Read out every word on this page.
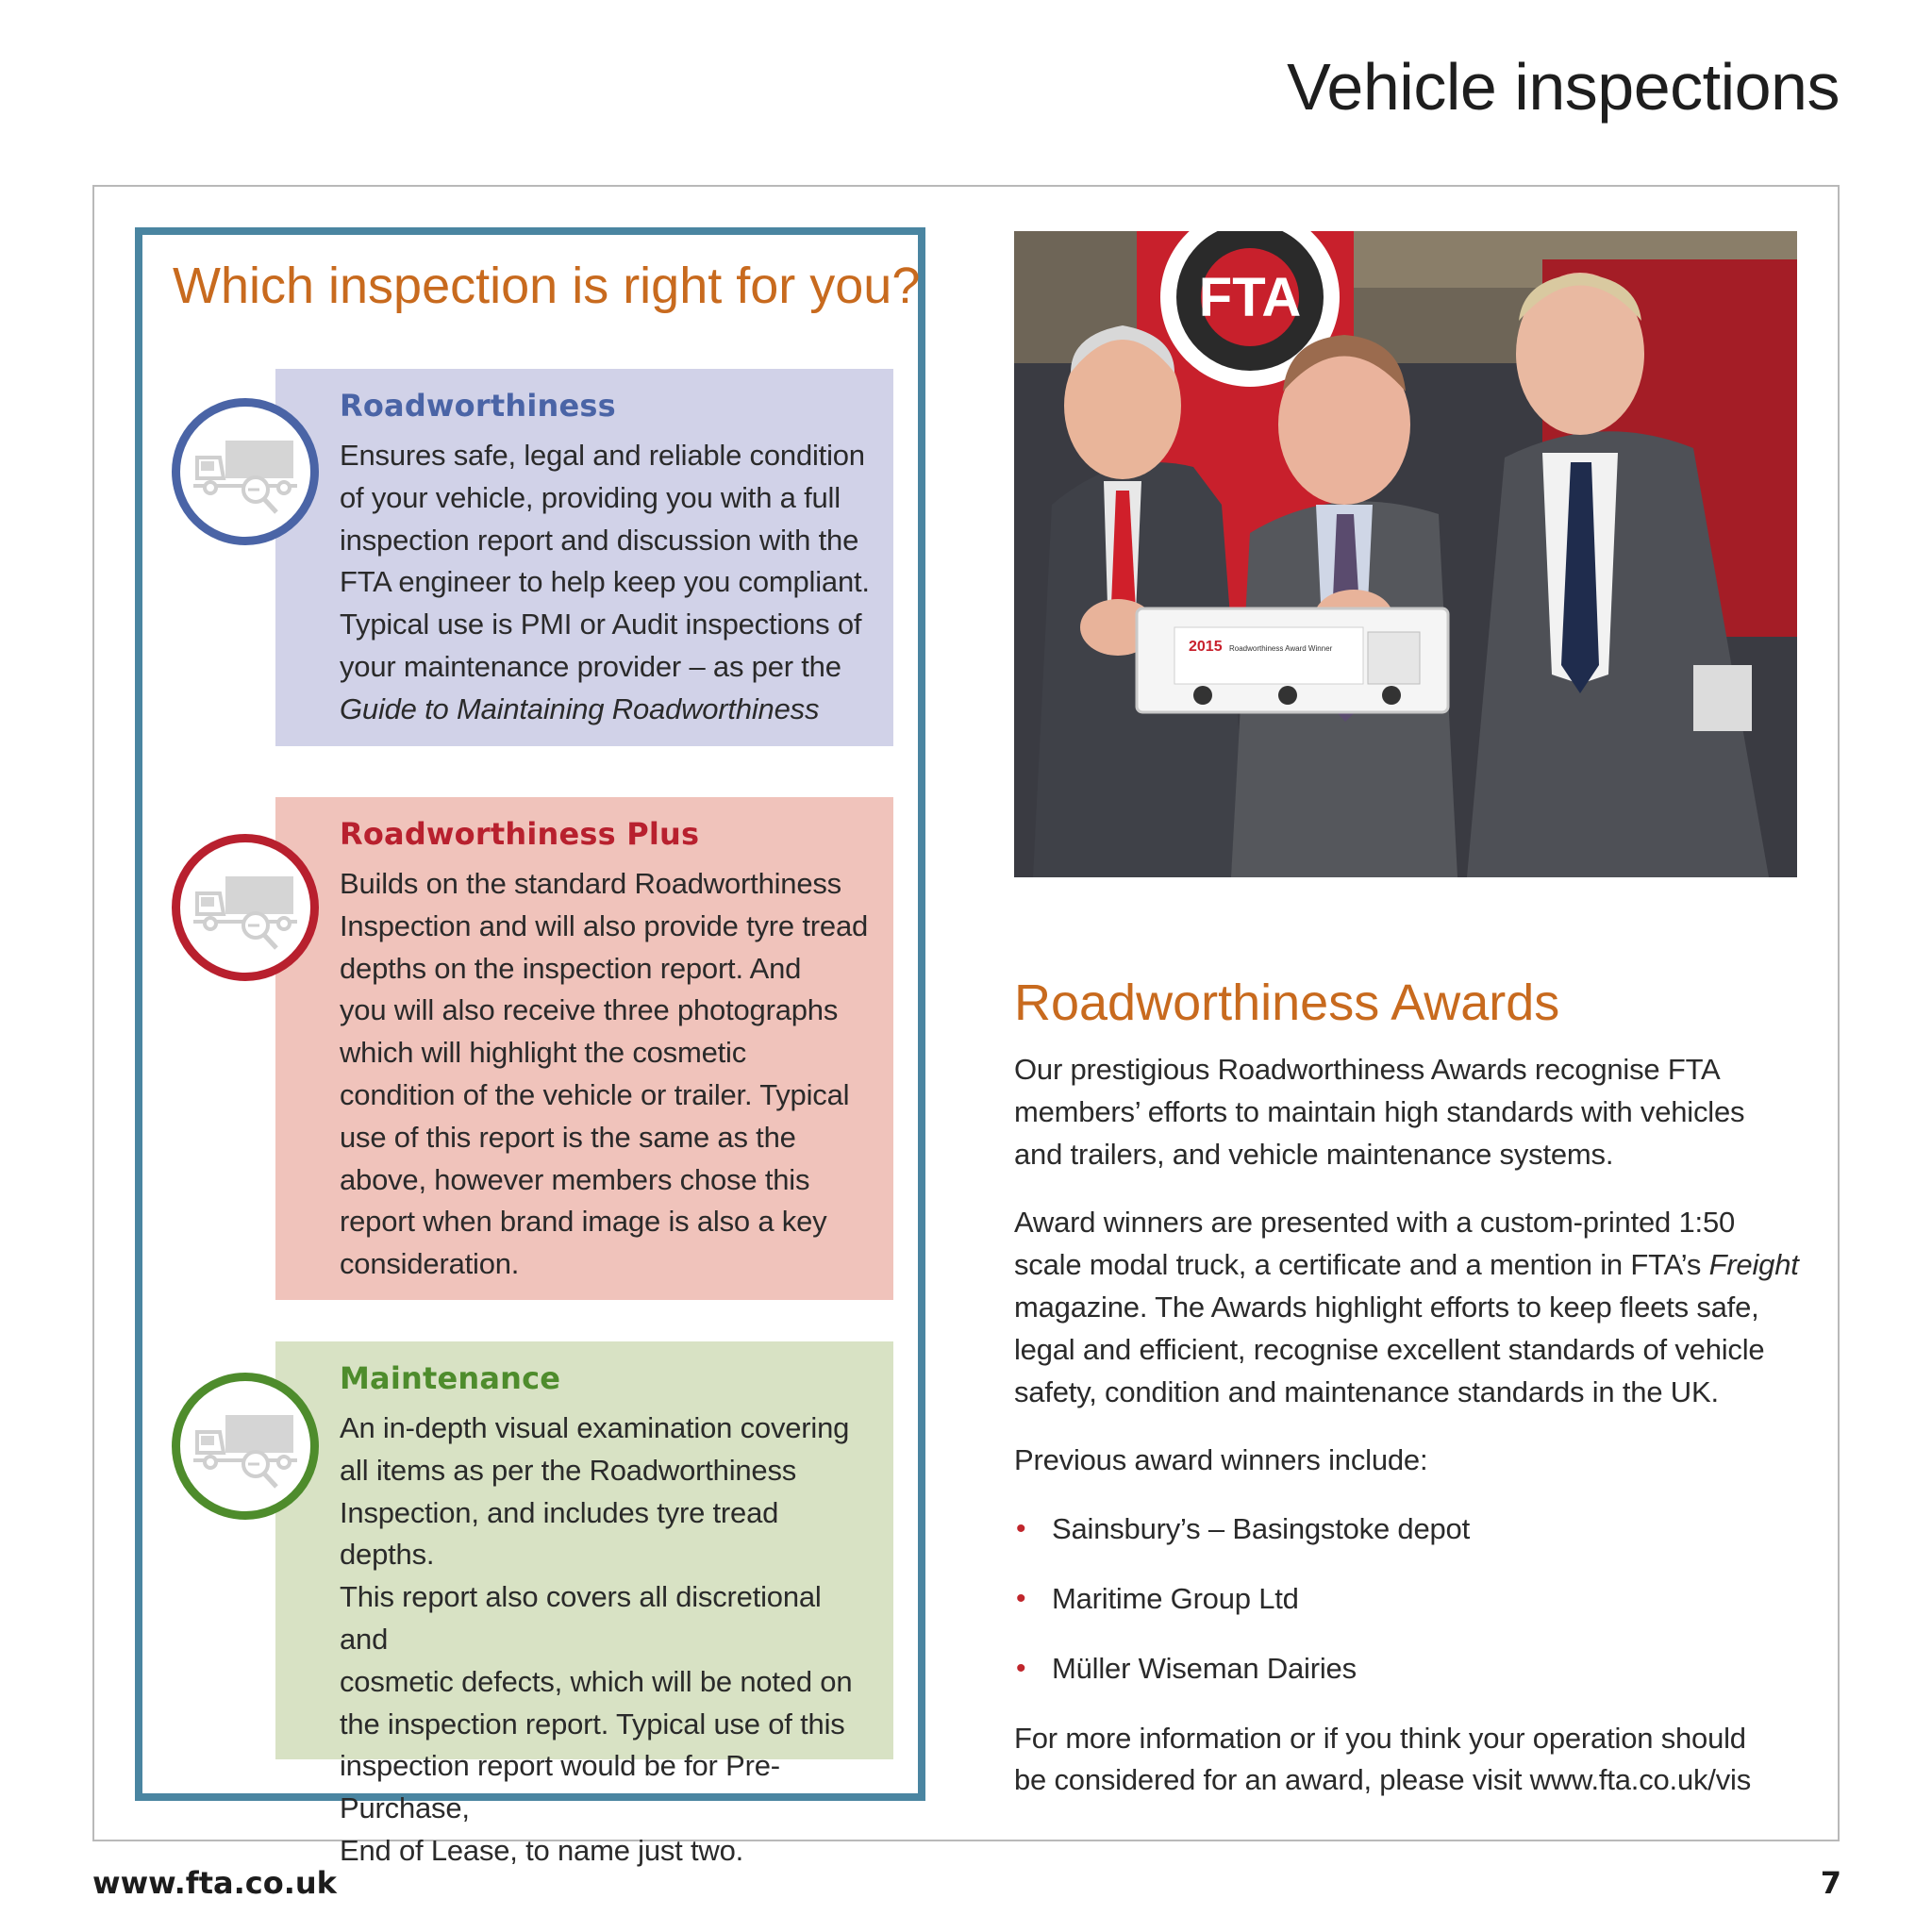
Vehicle inspections
Which inspection is right for you?
Roadworthiness
Ensures safe, legal and reliable condition
of your vehicle, providing you with a full
inspection report and discussion with the
FTA engineer to help keep you compliant.
Typical use is PMI or Audit inspections of
your maintenance provider – as per the
Guide to Maintaining Roadworthiness
Roadworthiness Plus
Builds on the standard Roadworthiness
Inspection and will also provide tyre tread
depths on the inspection report. And
you will also receive three photographs
which will highlight the cosmetic
condition of the vehicle or trailer. Typical
use of this report is the same as the
above, however members chose this
report when brand image is also a key
consideration.
Maintenance
An in-depth visual examination covering
all items as per the Roadworthiness
Inspection, and includes tyre tread depths.
This report also covers all discretional and
cosmetic defects, which will be noted on
the inspection report. Typical use of this
inspection report would be for Pre-Purchase,
End of Lease, to name just two.
FTA
2015 Roadworthiness Award Winner
Roadworthiness Awards

Our prestigious Roadworthiness Awards recognise FTA
members’ efforts to maintain high standards with vehicles
and trailers, and vehicle maintenance systems.

Award winners are presented with a custom-printed 1:50
scale modal truck, a certificate and a mention in FTA’s Freight
magazine. The Awards highlight efforts to keep fleets safe,
legal and efficient, recognise excellent standards of vehicle
safety, condition and maintenance standards in the UK.

Previous award winners include:

• Sainsbury’s – Basingstoke depot
• Maritime Group Ltd
• Müller Wiseman Dairies

For more information or if you think your operation should
be considered for an award, please visit www.fta.co.uk/vis

www.fta.co.uk	7
